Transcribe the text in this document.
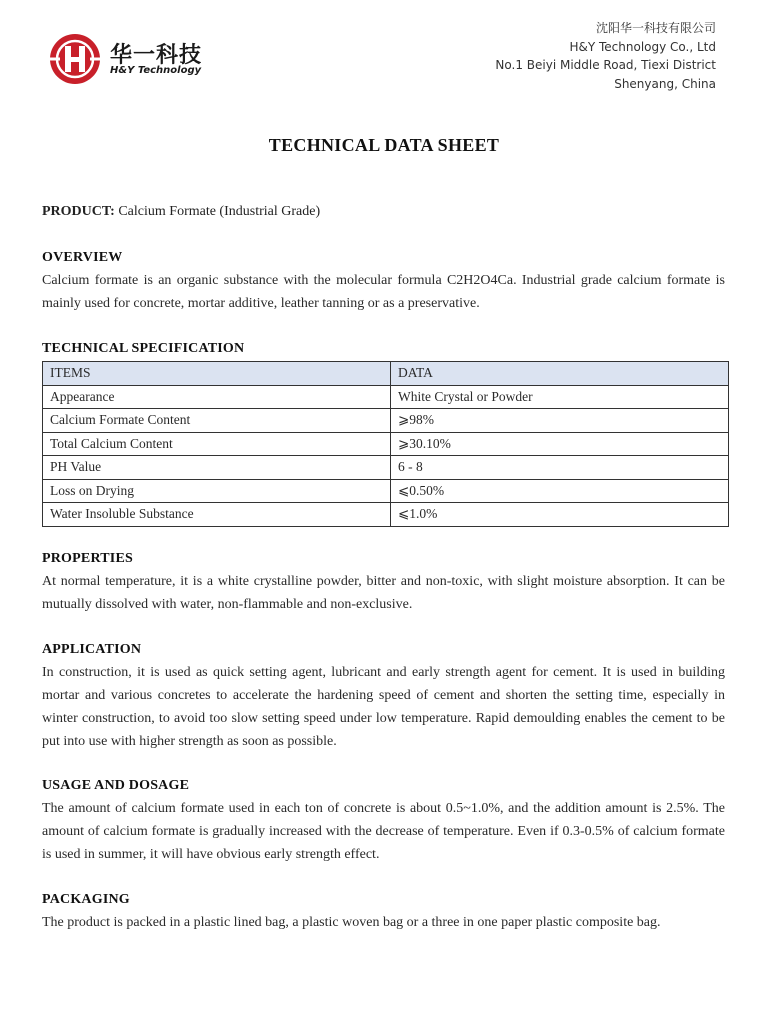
华一科技
H&Y Technology
沈阳华一科技有限公司
H&Y Technology Co., Ltd
No.1 Beiyi Middle Road, Tiexi District
Shenyang, China
TECHNICAL DATA SHEET
PRODUCT: Calcium Formate (Industrial Grade)
OVERVIEW

Calcium formate is an organic substance with the molecular formula C2H2O4Ca. Industrial grade calcium formate is mainly used for concrete, mortar additive, leather tanning or as a preservative.

TECHNICAL SPECIFICATION
ITEMS	DATA
Appearance	White Crystal or Powder
Calcium Formate Content	⩾98%
Total Calcium Content	⩾30.10%
PH Value	6 - 8
Loss on Drying	⩽0.50%
Water Insoluble Substance	⩽1.0%
PROPERTIES

At normal temperature, it is a white crystalline powder, bitter and non-toxic, with slight moisture absorption. It can be mutually dissolved with water, non-flammable and non-exclusive.

APPLICATION

In construction, it is used as quick setting agent, lubricant and early strength agent for cement. It is used in building mortar and various concretes to accelerate the hardening speed of cement and shorten the setting time, especially in winter construction, to avoid too slow setting speed under low temperature. Rapid demoulding enables the cement to be put into use with higher strength as soon as possible.

USAGE AND DOSAGE

The amount of calcium formate used in each ton of concrete is about 0.5~1.0%, and the addition amount is 2.5%. The amount of calcium formate is gradually increased with the decrease of temperature. Even if 0.3-0.5% of calcium formate is used in summer, it will have obvious early strength effect.

PACKAGING

The product is packed in a plastic lined bag, a plastic woven bag or a three in one paper plastic composite bag.
